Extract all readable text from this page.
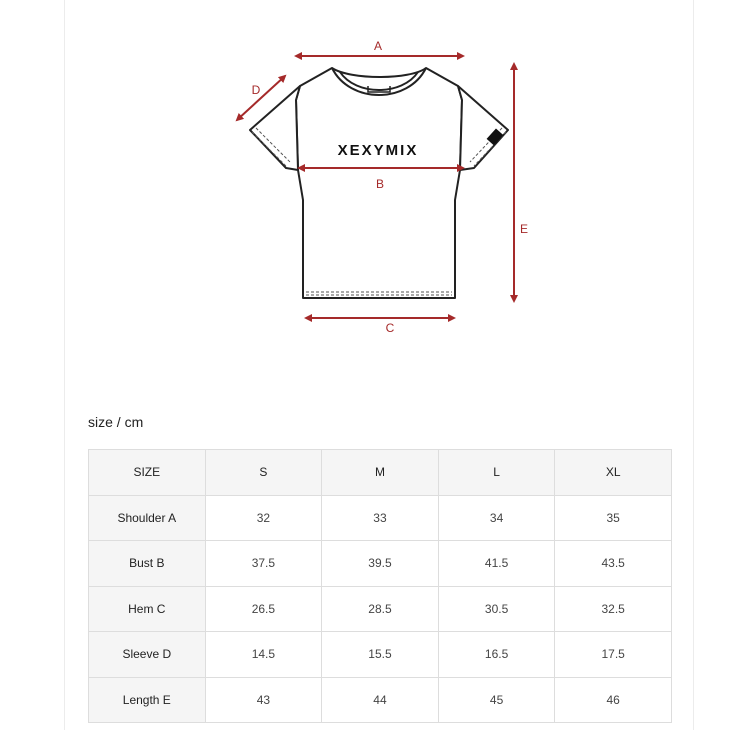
XEXYMIX
A
B
C
D
E
size / cm
SIZE	S	M	L	XL
Shoulder A	32	33	34	35
Bust B	37.5	39.5	41.5	43.5
Hem C	26.5	28.5	30.5	32.5
Sleeve D	14.5	15.5	16.5	17.5
Length E	43	44	45	46
